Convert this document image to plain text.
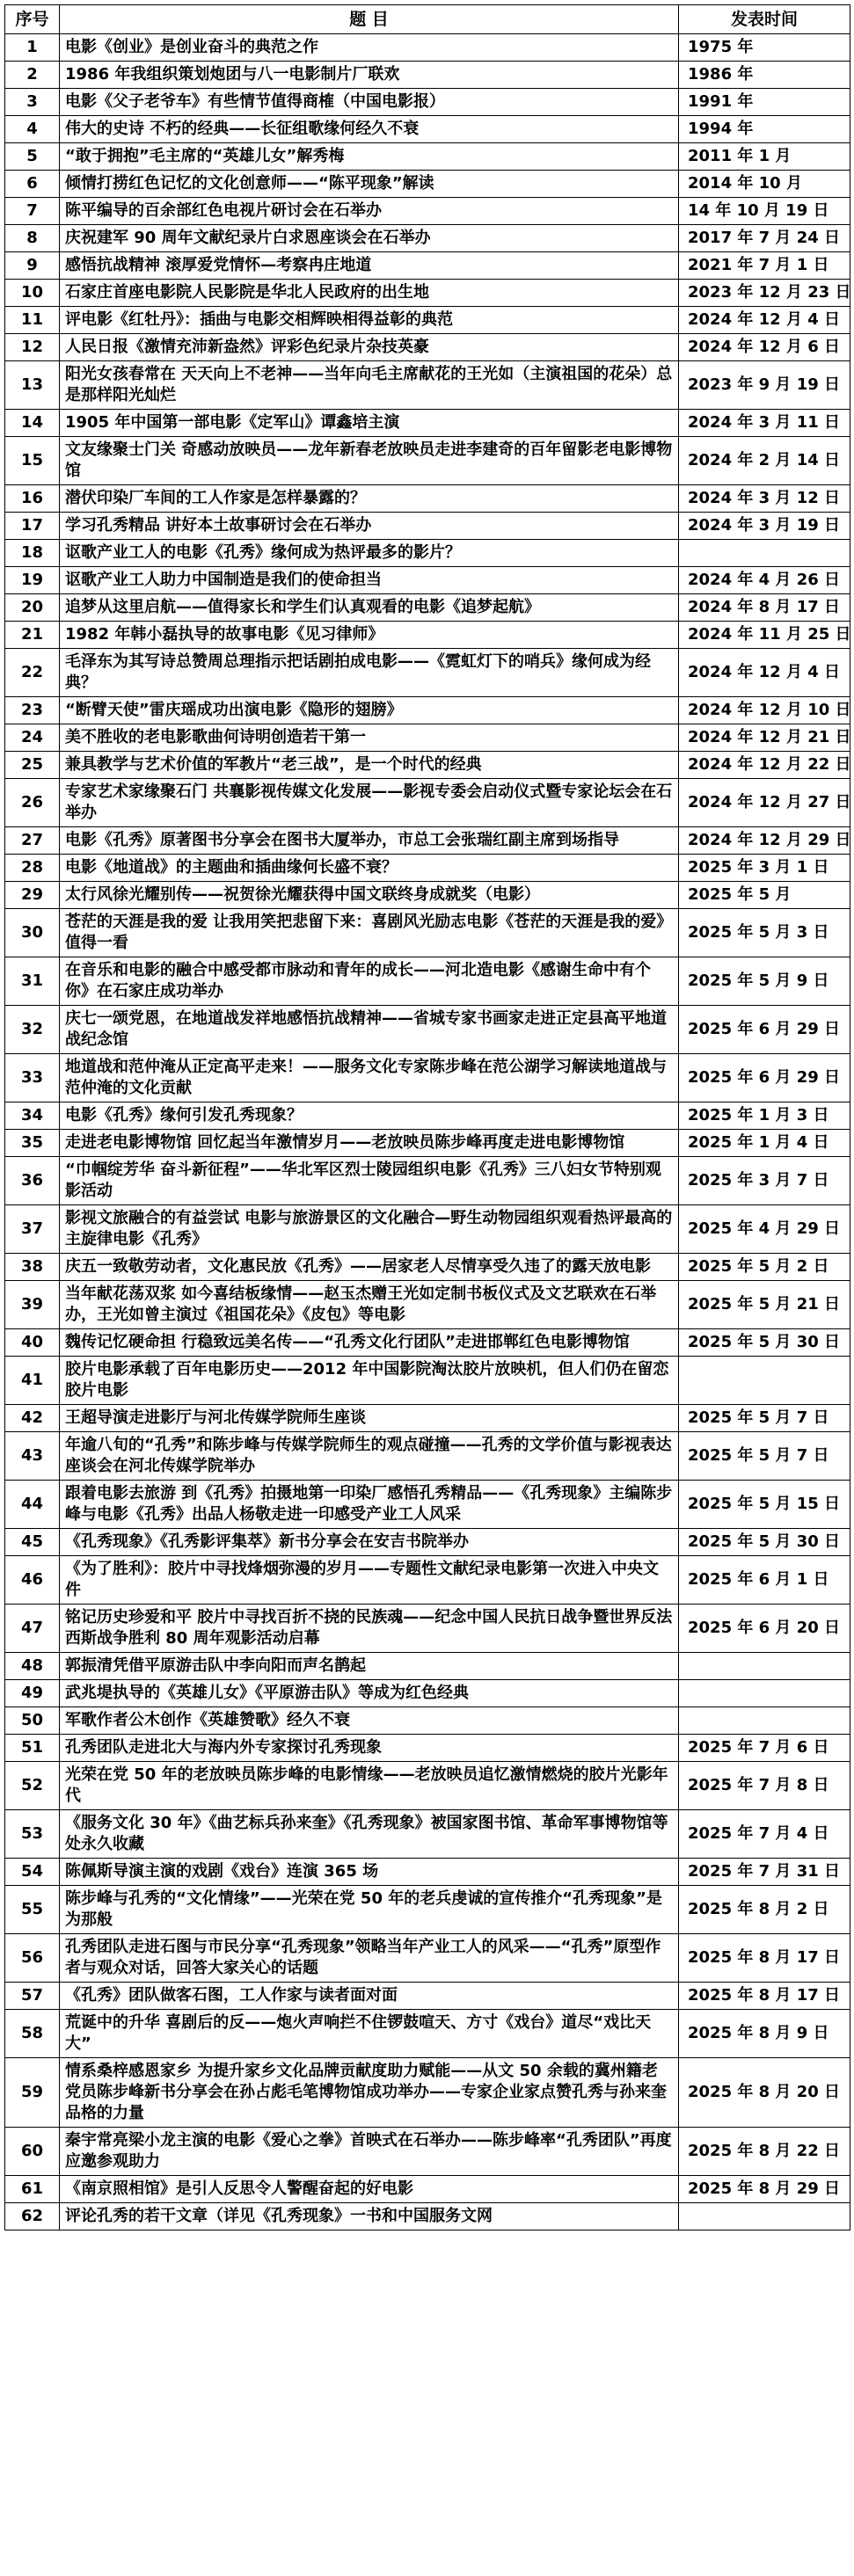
序号	题 目	发表时间
1	电影《创业》是创业奋斗的典范之作	1975 年
2	1986 年我组织策划炮团与八一电影制片厂联欢	1986 年
3	电影《父子老爷车》有些情节值得商榷（中国电影报）	1991 年
4	伟大的史诗 不朽的经典——长征组歌缘何经久不衰	1994 年
5	“敢于拥抱”毛主席的“英雄儿女”解秀梅	2011 年 1 月
6	倾情打捞红色记忆的文化创意师——“陈平现象”解读	2014 年 10 月
7	陈平编导的百余部红色电视片研讨会在石举办	14 年 10 月 19 日
8	庆祝建军 90 周年文献纪录片白求恩座谈会在石举办	2017 年 7 月 24 日
9	感悟抗战精神 滚厚爱党情怀—考察冉庄地道	2021 年 7 月 1 日
10	石家庄首座电影院人民影院是华北人民政府的出生地	2023 年 12 月 23 日
11	评电影《红牡丹》：插曲与电影交相辉映相得益彰的典范	2024 年 12 月 4 日
12	人民日报《激情充沛新盎然》评彩色纪录片杂技英豪	2024 年 12 月 6 日
13	阳光女孩春常在 天天向上不老神——当年向毛主席献花的王光如（主演祖国的花朵）总是那样阳光灿烂	2023 年 9 月 19 日
14	1905 年中国第一部电影《定军山》谭鑫培主演	2024 年 3 月 11 日
15	文友缘聚士门关 奇感动放映员——龙年新春老放映员走进李建奇的百年留影老电影博物馆	2024 年 2 月 14 日
16	潜伏印染厂车间的工人作家是怎样暴露的？	2024 年 3 月 12 日
17	学习孔秀精品 讲好本土故事研讨会在石举办	2024 年 3 月 19 日
18	讴歌产业工人的电影《孔秀》缘何成为热评最多的影片？	
19	讴歌产业工人助力中国制造是我们的使命担当	2024 年 4 月 26 日
20	追梦从这里启航——值得家长和学生们认真观看的电影《追梦起航》	2024 年 8 月 17 日
21	1982 年韩小磊执导的故事电影《见习律师》	2024 年 11 月 25 日
22	毛泽东为其写诗总赞周总理指示把话剧拍成电影——《霓虹灯下的哨兵》缘何成为经典？	2024 年 12 月 4 日
23	“断臂天使”雷庆瑶成功出演电影《隐形的翅膀》	2024 年 12 月 10 日
24	美不胜收的老电影歌曲何诗明创造若干第一	2024 年 12 月 21 日
25	兼具教学与艺术价值的军教片“老三战”，是一个时代的经典	2024 年 12 月 22 日
26	专家艺术家缘聚石门 共襄影视传媒文化发展——影视专委会启动仪式暨专家论坛会在石举办	2024 年 12 月 27 日
27	电影《孔秀》原著图书分享会在图书大厦举办，市总工会张瑞红副主席到场指导	2024 年 12 月 29 日
28	电影《地道战》的主题曲和插曲缘何长盛不衰？	2025 年 3 月 1 日
29	太行风徐光耀别传——祝贺徐光耀获得中国文联终身成就奖（电影）	2025 年 5 月
30	苍茫的天涯是我的爱 让我用笑把悲留下来：喜剧风光励志电影《苍茫的天涯是我的爱》值得一看	2025 年 5 月 3 日
31	在音乐和电影的融合中感受都市脉动和青年的成长——河北造电影《感谢生命中有个你》在石家庄成功举办	2025 年 5 月 9 日
32	庆七一颂党恩，在地道战发祥地感悟抗战精神——省城专家书画家走进正定县高平地道战纪念馆	2025 年 6 月 29 日
33	地道战和范仲淹从正定高平走来！——服务文化专家陈步峰在范公湖学习解读地道战与范仲淹的文化贡献	2025 年 6 月 29 日
34	电影《孔秀》缘何引发孔秀现象？	2025 年 1 月 3 日
35	走进老电影博物馆 回忆起当年激情岁月——老放映员陈步峰再度走进电影博物馆	2025 年 1 月 4 日
36	“巾帼绽芳华 奋斗新征程”——华北军区烈士陵园组织电影《孔秀》三八妇女节特别观影活动	2025 年 3 月 7 日
37	影视文旅融合的有益尝试 电影与旅游景区的文化融合—野生动物园组织观看热评最高的主旋律电影《孔秀》	2025 年 4 月 29 日
38	庆五一致敬劳动者，文化惠民放《孔秀》——居家老人尽情享受久违了的露天放电影	2025 年 5 月 2 日
39	当年献花荡双浆 如今喜结板缘情——赵玉杰赠王光如定制书板仪式及文艺联欢在石举办，王光如曾主演过《祖国花朵》《皮包》等电影	2025 年 5 月 21 日
40	魏传记忆硬命担 行稳致远美名传——“孔秀文化行团队”走进邯郸红色电影博物馆	2025 年 5 月 30 日
41	胶片电影承载了百年电影历史——2012 年中国影院淘汰胶片放映机，但人们仍在留恋胶片电影	
42	王超导演走进影厅与河北传媒学院师生座谈	2025 年 5 月 7 日
43	年逾八旬的“孔秀”和陈步峰与传媒学院师生的观点碰撞——孔秀的文学价值与影视表达座谈会在河北传媒学院举办	2025 年 5 月 7 日
44	跟着电影去旅游 到《孔秀》拍摄地第一印染厂感悟孔秀精品——《孔秀现象》主编陈步峰与电影《孔秀》出品人杨敬走进一印感受产业工人风采	2025 年 5 月 15 日
45	《孔秀现象》《孔秀影评集萃》新书分享会在安吉书院举办	2025 年 5 月 30 日
46	《为了胜利》：胶片中寻找烽烟弥漫的岁月——专题性文献纪录电影第一次进入中央文件	2025 年 6 月 1 日
47	铭记历史珍爱和平 胶片中寻找百折不挠的民族魂——纪念中国人民抗日战争暨世界反法西斯战争胜利 80 周年观影活动启幕	2025 年 6 月 20 日
48	郭振清凭借平原游击队中李向阳而声名鹊起	
49	武兆堤执导的《英雄儿女》《平原游击队》等成为红色经典	
50	军歌作者公木创作《英雄赞歌》经久不衰	
51	孔秀团队走进北大与海内外专家探讨孔秀现象	2025 年 7 月 6 日
52	光荣在党 50 年的老放映员陈步峰的电影情缘——老放映员追忆激情燃烧的胶片光影年代	2025 年 7 月 8 日
53	《服务文化 30 年》《曲艺标兵孙来奎》《孔秀现象》被国家图书馆、革命军事博物馆等处永久收藏	2025 年 7 月 4 日
54	陈佩斯导演主演的戏剧《戏台》连演 365 场	2025 年 7 月 31 日
55	陈步峰与孔秀的“文化情缘”——光荣在党 50 年的老兵虔诚的宣传推介“孔秀现象”是为那般	2025 年 8 月 2 日
56	孔秀团队走进石图与市民分享“孔秀现象”领略当年产业工人的风采——“孔秀”原型作者与观众对话，回答大家关心的话题	2025 年 8 月 17 日
57	《孔秀》团队做客石图，工人作家与读者面对面	2025 年 8 月 17 日
58	荒诞中的升华 喜剧后的反——炮火声响拦不住锣鼓喧天、方寸《戏台》道尽“戏比天大”	2025 年 8 月 9 日
59	情系桑梓感恩家乡 为提升家乡文化品牌贡献度助力赋能——从文 50 余载的冀州籍老党员陈步峰新书分享会在孙占彪毛笔博物馆成功举办——专家企业家点赞孔秀与孙来奎品格的力量	2025 年 8 月 20 日
60	秦宇常亮梁小龙主演的电影《爱心之拳》首映式在石举办——陈步峰率“孔秀团队”再度应邀参观助力	2025 年 8 月 22 日
61	《南京照相馆》是引人反思令人警醒奋起的好电影	2025 年 8 月 29 日
62	评论孔秀的若干文章（详见《孔秀现象》一书和中国服务文网	
